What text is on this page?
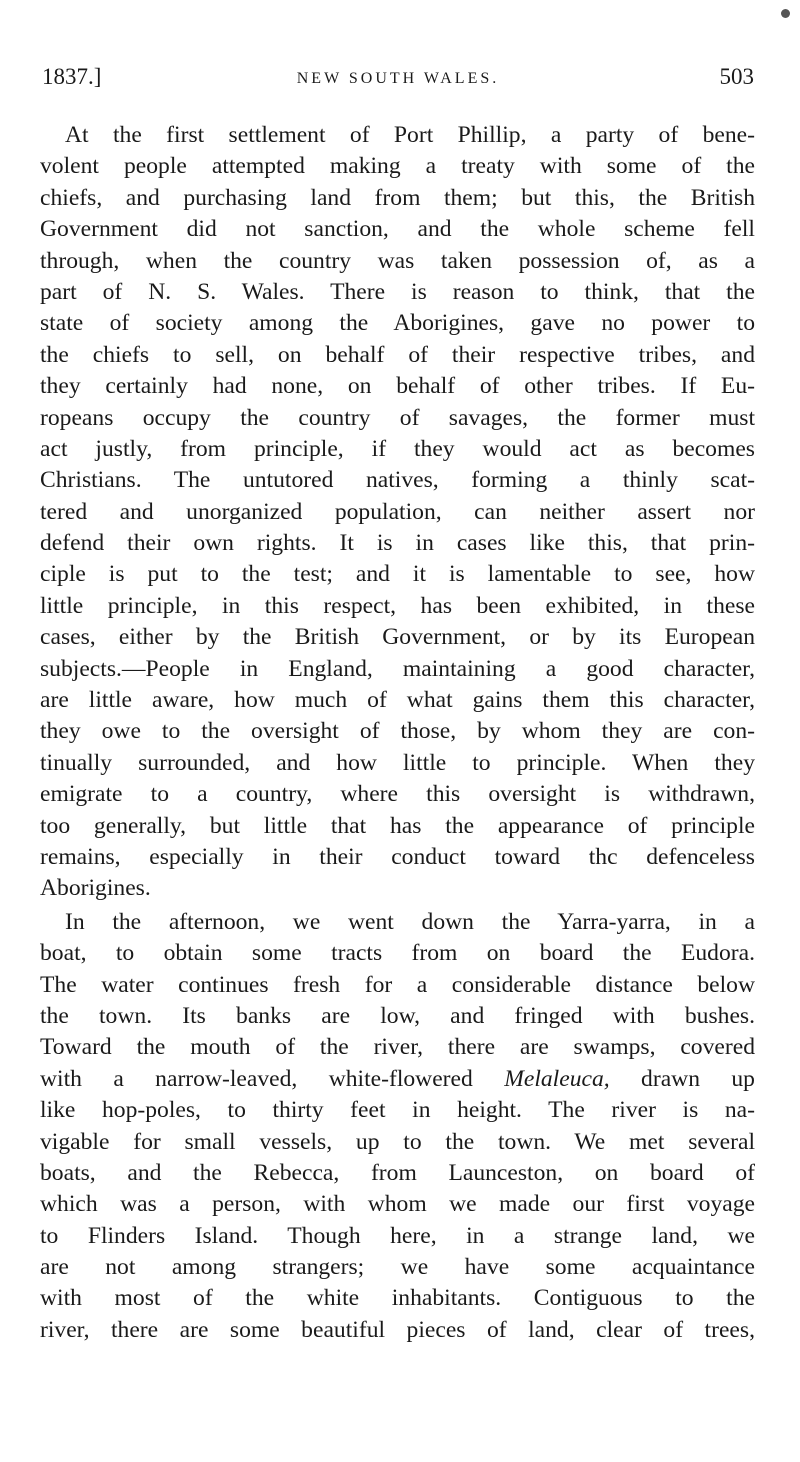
1837.]	NEW SOUTH WALES.	503

At the first settlement of Port Phillip, a party of bene-
volent people attempted making a treaty with some of the
chiefs, and purchasing land from them; but this, the British
Government did not sanction, and the whole scheme fell
through, when the country was taken possession of, as a
part of N. S. Wales. There is reason to think, that the
state of society among the Aborigines, gave no power to
the chiefs to sell, on behalf of their respective tribes, and
they certainly had none, on behalf of other tribes. If Eu-
ropeans occupy the country of savages, the former must
act justly, from principle, if they would act as becomes
Christians. The untutored natives, forming a thinly scat-
tered and unorganized population, can neither assert nor
defend their own rights. It is in cases like this, that prin-
ciple is put to the test; and it is lamentable to see, how
little principle, in this respect, has been exhibited, in these
cases, either by the British Government, or by its European
subjects.—People in England, maintaining a good character,
are little aware, how much of what gains them this character,
they owe to the oversight of those, by whom they are con-
tinually surrounded, and how little to principle. When they
emigrate to a country, where this oversight is withdrawn,
too generally, but little that has the appearance of principle
remains, especially in their conduct toward thc defenceless
Aborigines.

In the afternoon, we went down the Yarra-yarra, in a
boat, to obtain some tracts from on board the Eudora.
The water continues fresh for a considerable distance below
the town. Its banks are low, and fringed with bushes.
Toward the mouth of the river, there are swamps, covered
with a narrow-leaved, white-flowered Melaleuca, drawn up
like hop-poles, to thirty feet in height. The river is na-
vigable for small vessels, up to the town. We met several
boats, and the Rebecca, from Launceston, on board of
which was a person, with whom we made our first voyage
to Flinders Island. Though here, in a strange land, we
are not among strangers; we have some acquaintance
with most of the white inhabitants. Contiguous to the
river, there are some beautiful pieces of land, clear of trees,
